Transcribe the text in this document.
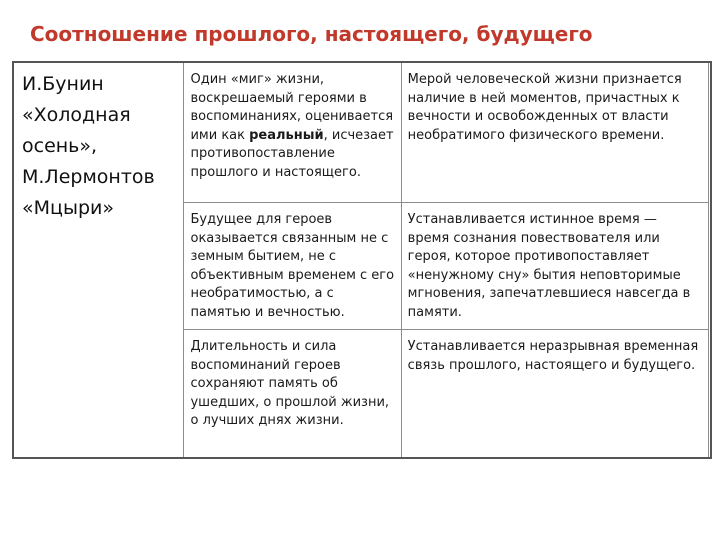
Соотношение прошлого, настоящего, будущего
И.Бунин
«Холодная
осень»,
М.Лермонтов
«Мцыри»	Один «миг» жизни, воскрешаемый героями в воспоминаниях, оценивается ими как реальный, исчезает противопоставление прошлого и настоящего.	Мерой человеческой жизни признается наличие в ней моментов, причастных к вечности и освобожденных от власти необратимого физического времени.
	Будущее для героев оказывается связанным не с земным бытием, не с объективным временем с его необратимостью, а с памятью и вечностью.	Устанавливается истинное время — время сознания повествователя или героя, которое противопоставляет «ненужному сну» бытия неповторимые мгновения, запечатлевшиеся навсегда в памяти.
	Длительность и сила воспоминаний героев сохраняют память об ушедших, о прошлой жизни, о лучших днях жизни.	Устанавливается неразрывная временная связь прошлого, настоящего и будущего.
